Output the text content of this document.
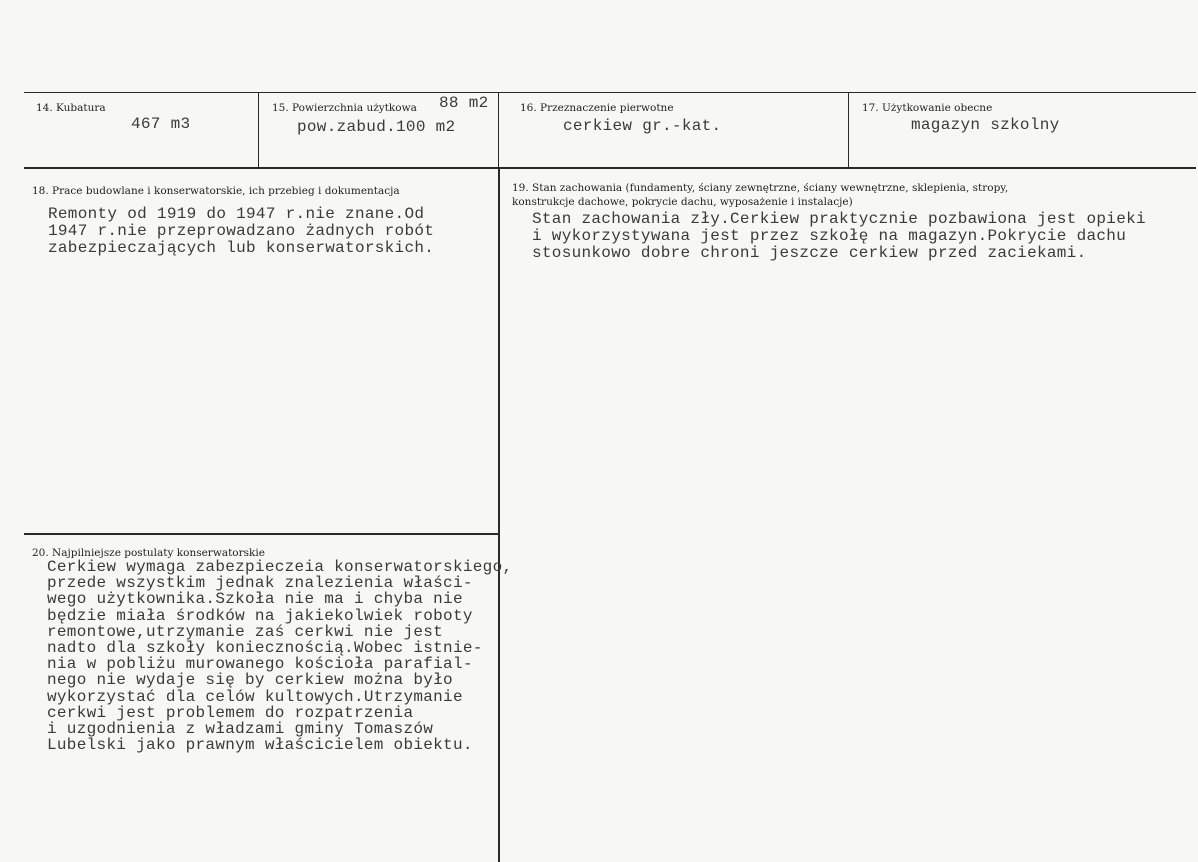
14. Kubatura
467 m3
15. Powierzchnia użytkowa 88 m2
pow.zabud.100 m2
16. Przeznaczenie pierwotne
cerkiew gr.-kat.
17. Użytkowanie obecne
magazyn szkolny
18. Prace budowlane i konserwatorskie, ich przebieg i dokumentacja
Remonty od 1919 do 1947 r.nie znane.Od
1947 r.nie przeprowadzano żadnych robót
zabezpieczających lub konserwatorskich.
19. Stan zachowania (fundamenty, ściany zewnętrzne, ściany wewnętrzne, sklepienia, stropy,
konstrukcje dachowe, pokrycie dachu, wyposażenie i instalacje)
Stan zachowania zły.Cerkiew praktycznie pozbawiona jest opieki
i wykorzystywana jest przez szkołę na magazyn.Pokrycie dachu
stosunkowo dobre chroni jeszcze cerkiew przed zaciekami.
20. Najpilniejsze postulaty konserwatorskie
Cerkiew wymaga zabezpieczeia konserwatorskiego,
przede wszystkim jednak znalezienia właści-
wego użytkownika.Szkoła nie ma i chyba nie
będzie miała środków na jakiekolwiek roboty
remontowe,utrzymanie zaś cerkwi nie jest
nadto dla szkoły koniecznością.Wobec istnie-
nia w pobliżu murowanego kościoła parafial-
nego nie wydaje się by cerkiew można było
wykorzystać dla celów kultowych.Utrzymanie
cerkwi jest problemem do rozpatrzenia
i uzgodnienia z władzami gminy Tomaszów
Lubelski jako prawnym właścicielem obiektu.
